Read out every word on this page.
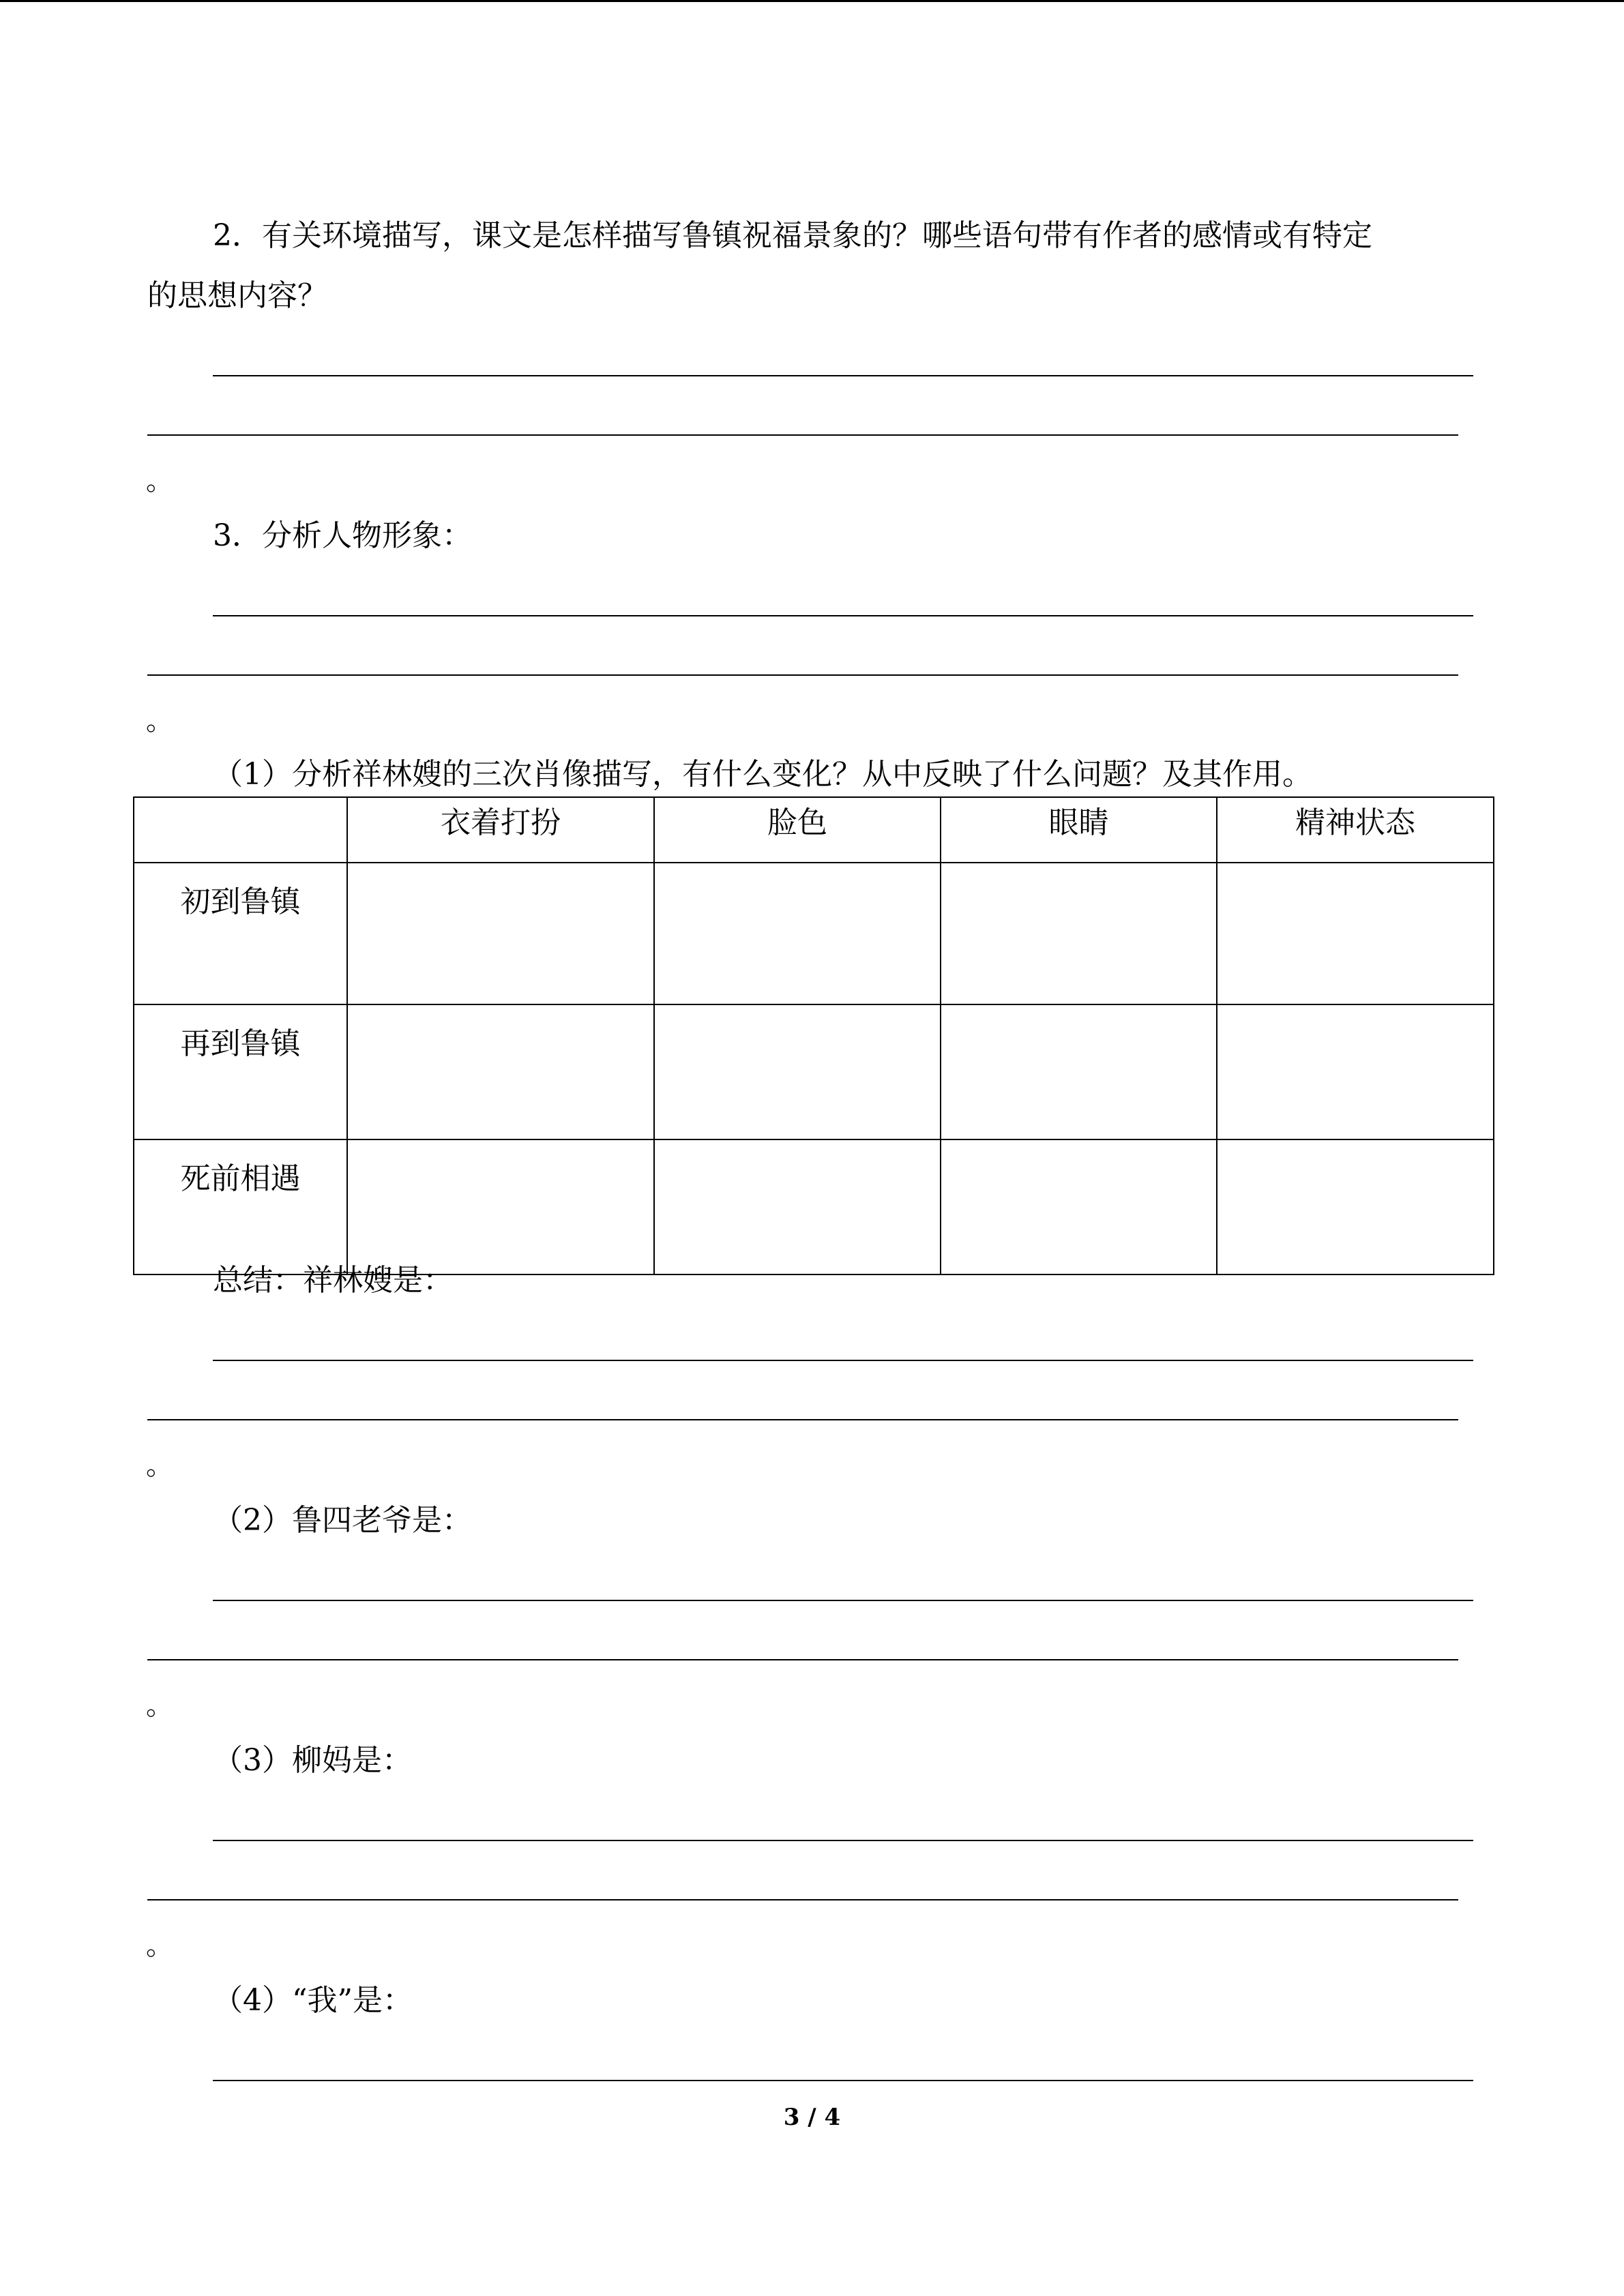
2．有关环境描写，课文是怎样描写鲁镇祝福景象的？哪些语句带有作者的感情或有特定
的思想内容？
。
3．分析人物形象：
。
（1）分析祥林嫂的三次肖像描写，有什么变化？从中反映了什么问题？及其作用。
	衣着打扮	脸色	眼睛	精神状态
初到鲁镇				
再到鲁镇				
死前相遇				
总结：祥林嫂是：
。
（2）鲁四老爷是：
。
（3）柳妈是：
。
（4）“我”是：
3 / 4
